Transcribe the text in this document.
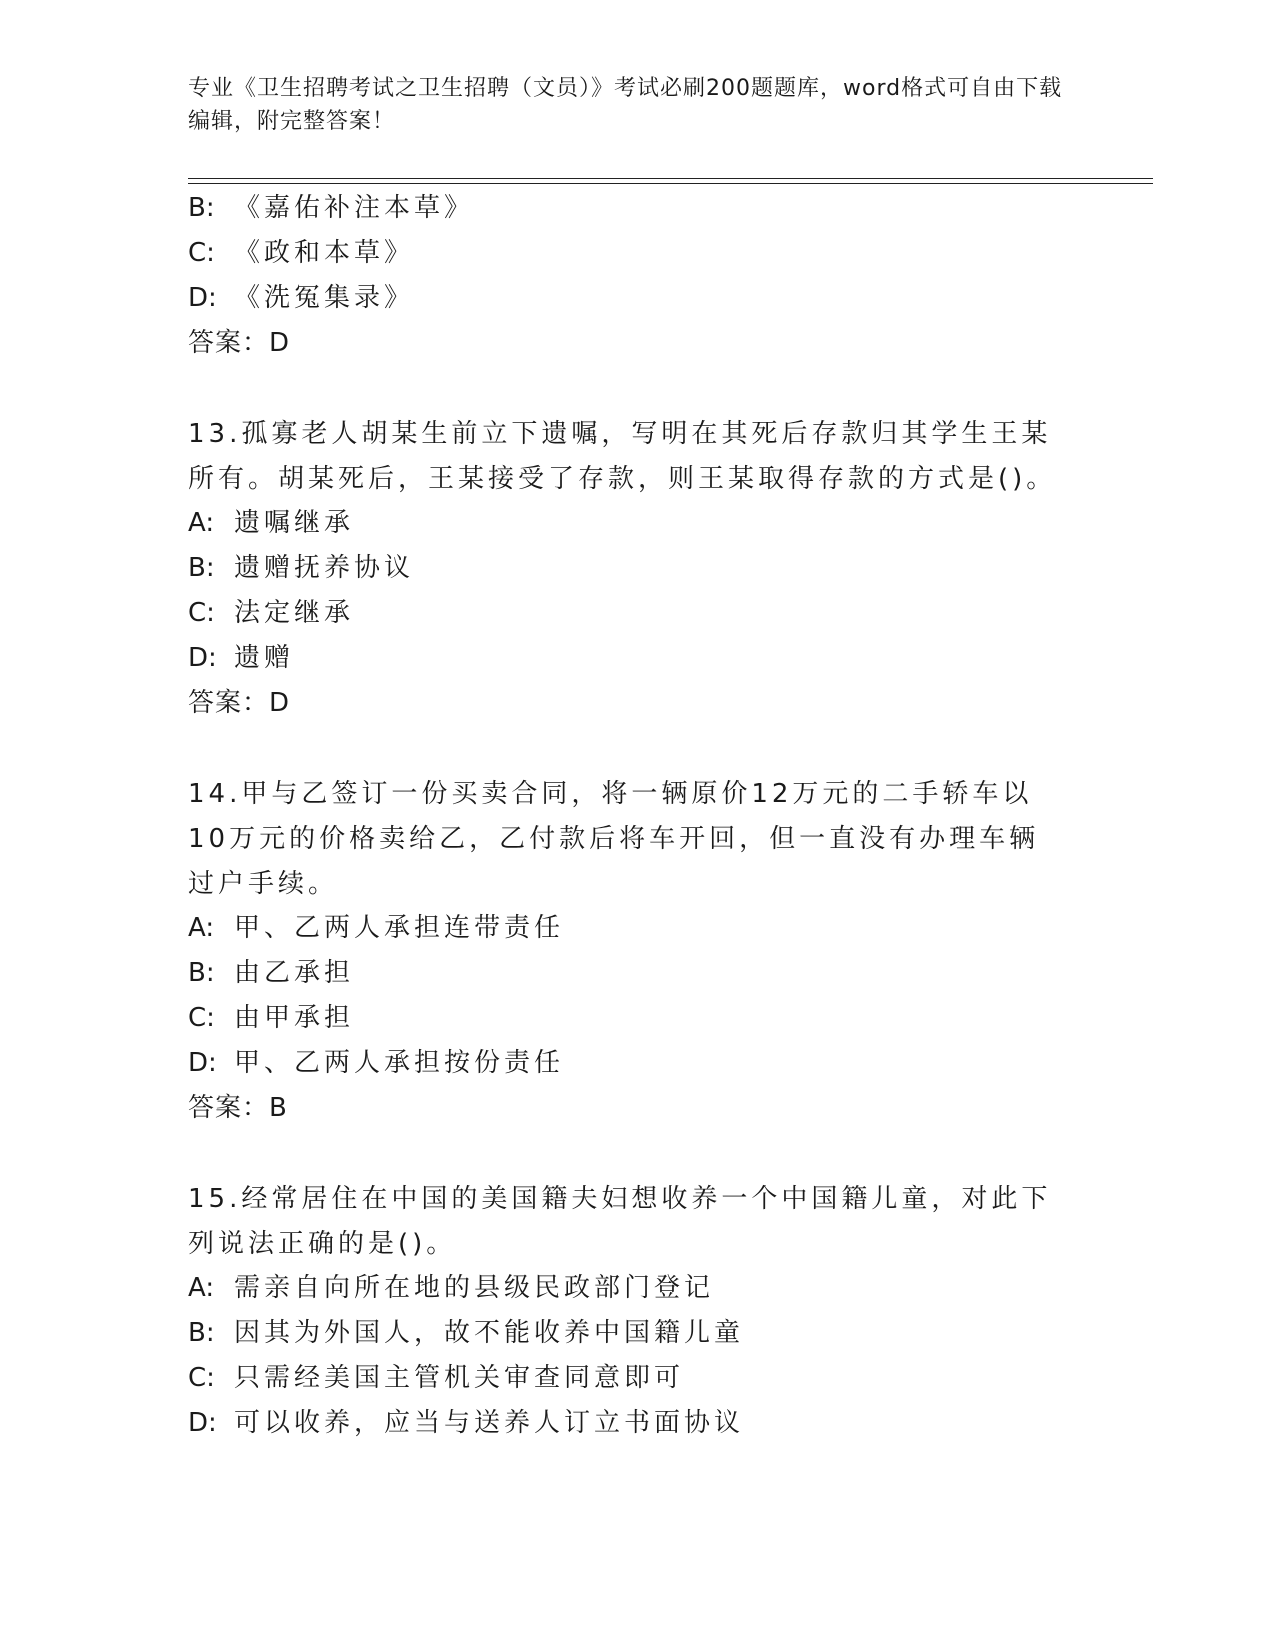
专业《卫生招聘考试之卫生招聘（文员）》考试必刷200题题库，word格式可自由下载编辑，附完整答案！
B: 《嘉佑补注本草》
C: 《政和本草》
D: 《洗冤集录》
答案：D
13.孤寡老人胡某生前立下遗嘱，写明在其死后存款归其学生王某所有。胡某死后，王某接受了存款，则王某取得存款的方式是()。
A: 遗嘱继承
B: 遗赠抚养协议
C: 法定继承
D: 遗赠
答案：D
14.甲与乙签订一份买卖合同，将一辆原价12万元的二手轿车以10万元的价格卖给乙，乙付款后将车开回，但一直没有办理车辆过户手续。
A: 甲、乙两人承担连带责任
B: 由乙承担
C: 由甲承担
D: 甲、乙两人承担按份责任
答案：B
15.经常居住在中国的美国籍夫妇想收养一个中国籍儿童，对此下列说法正确的是()。
A: 需亲自向所在地的县级民政部门登记
B: 因其为外国人，故不能收养中国籍儿童
C: 只需经美国主管机关审查同意即可
D: 可以收养，应当与送养人订立书面协议
